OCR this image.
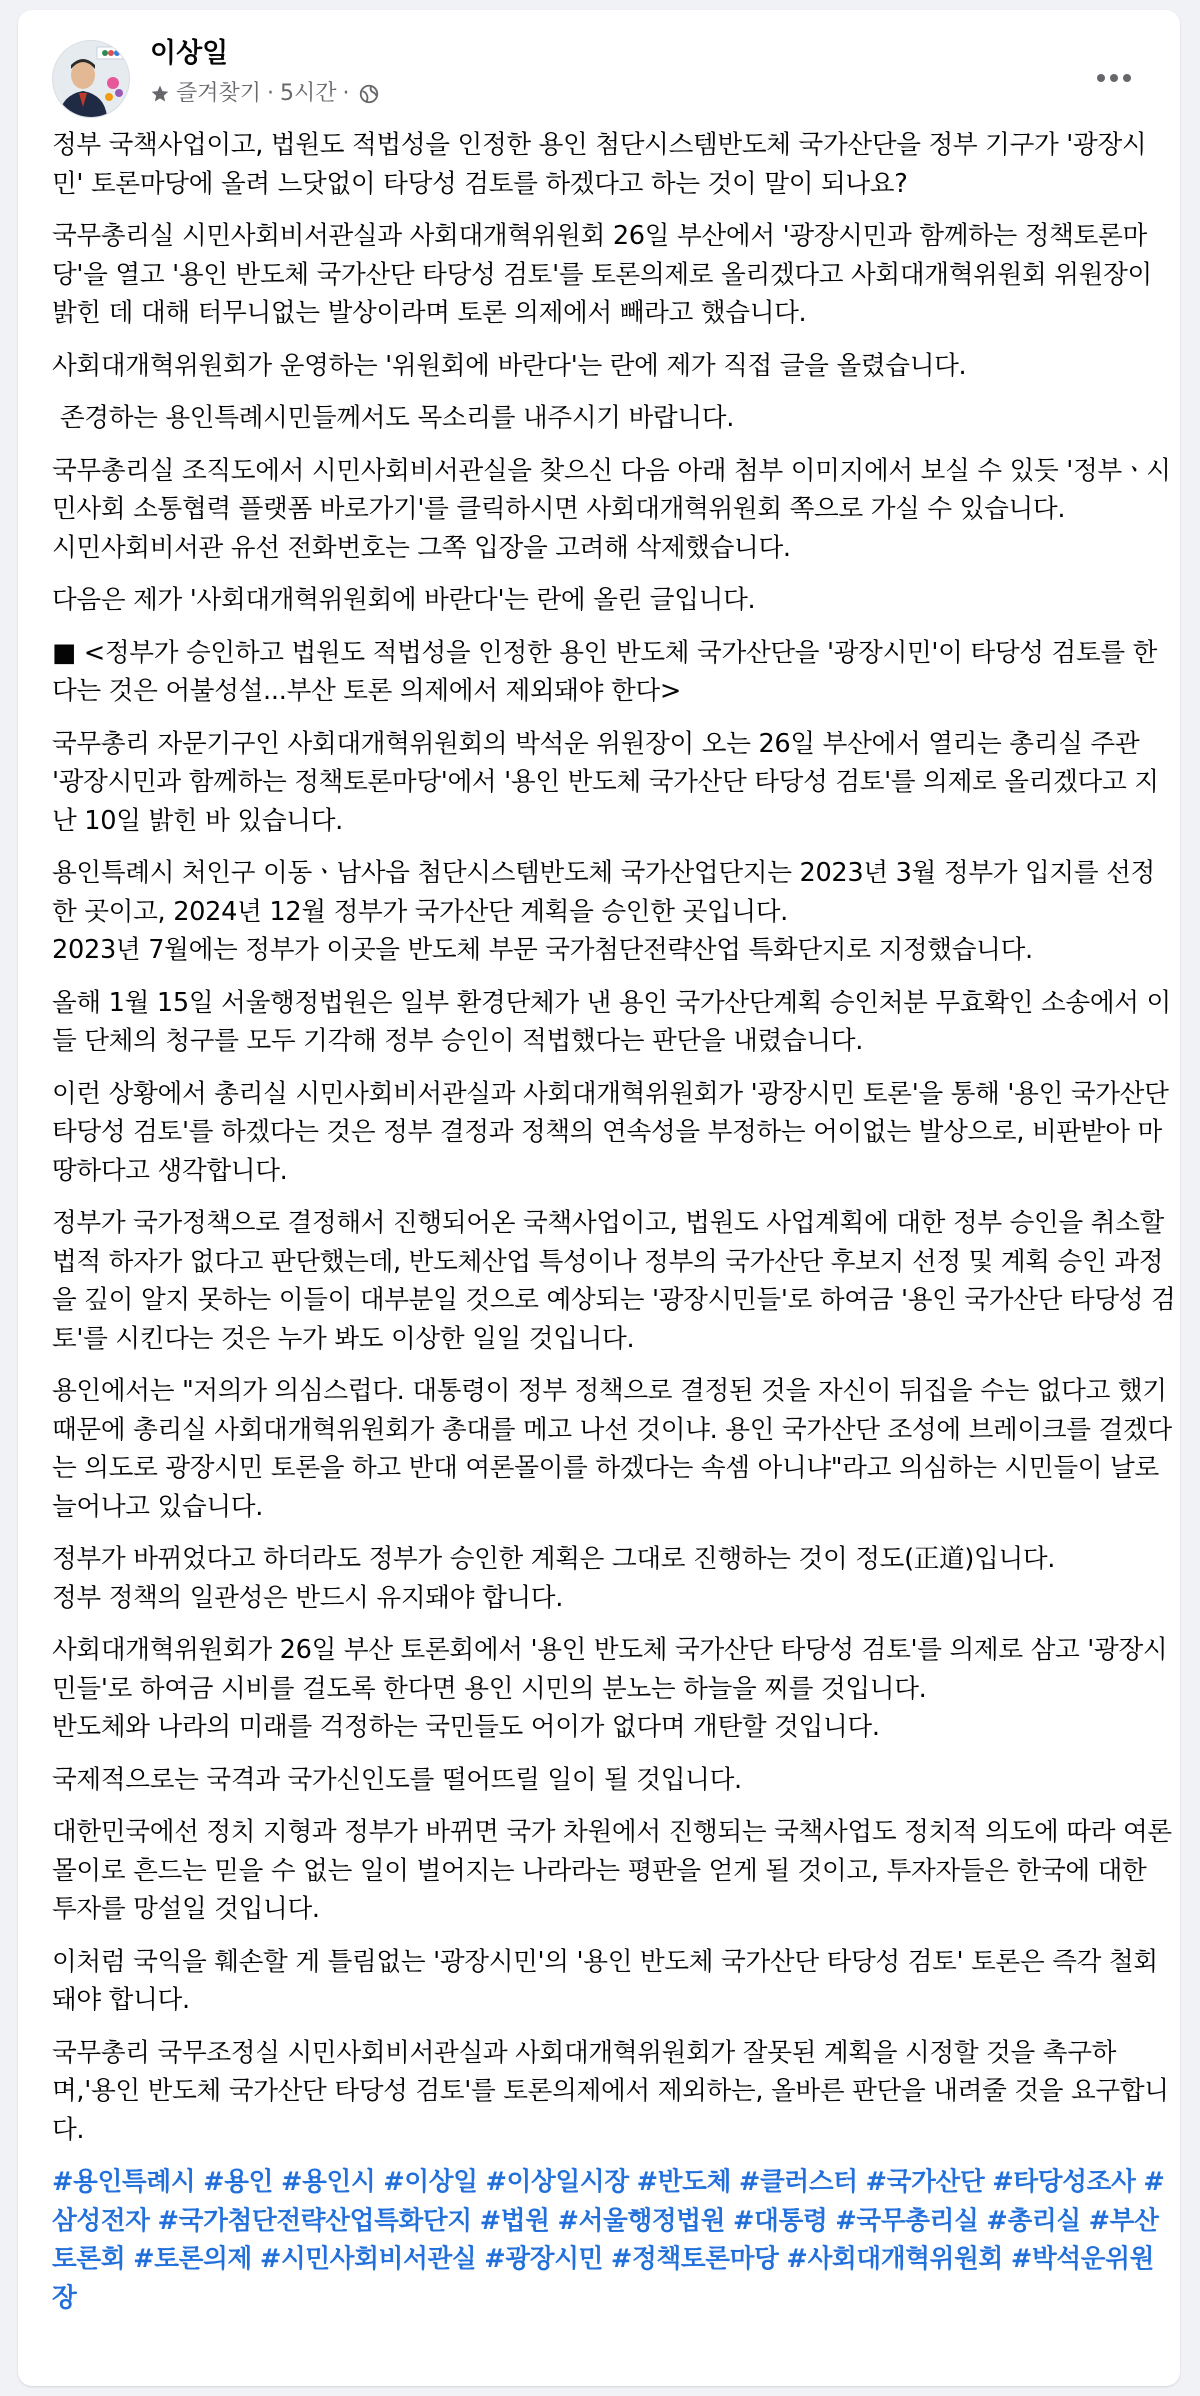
이상일
즐겨찾기 · 5시간 ·

정부 국책사업이고, 법원도 적법성을 인정한 용인 첨단시스템반도체 국가산단을 정부 기구가 '광장시민' 토론마당에 올려 느닷없이 타당성 검토를 하겠다고 하는 것이 말이 되나요?

국무총리실 시민사회비서관실과 사회대개혁위원회 26일 부산에서 '광장시민과 함께하는 정책토론마당'을 열고 '용인 반도체 국가산단 타당성 검토'를 토론의제로 올리겠다고 사회대개혁위원회 위원장이 밝힌 데 대해 터무니없는 발상이라며 토론 의제에서 빼라고 했습니다.

사회대개혁위원회가 운영하는 '위원회에 바란다'는 란에 제가 직접 글을 올렸습니다.

존경하는 용인특례시민들께서도 목소리를 내주시기 바랍니다.

국무총리실 조직도에서 시민사회비서관실을 찾으신 다음 아래 첨부 이미지에서 보실 수 있듯 '정부ㆍ시민사회 소통협력 플랫폼 바로가기'를 클릭하시면 사회대개혁위원회 쪽으로 가실 수 있습니다.
시민사회비서관 유선 전화번호는 그쪽 입장을 고려해 삭제했습니다.

다음은 제가 '사회대개혁위원회에 바란다'는 란에 올린 글입니다.

■ <정부가 승인하고 법원도 적법성을 인정한 용인 반도체 국가산단을 '광장시민'이 타당성 검토를 한다는 것은 어불성설...부산 토론 의제에서 제외돼야 한다>

국무총리 자문기구인 사회대개혁위원회의 박석운 위원장이 오는 26일 부산에서 열리는 총리실 주관 '광장시민과 함께하는 정책토론마당'에서 '용인 반도체 국가산단 타당성 검토'를 의제로 올리겠다고 지난 10일 밝힌 바 있습니다.

용인특례시 처인구 이동ㆍ남사읍 첨단시스템반도체 국가산업단지는 2023년 3월 정부가 입지를 선정한 곳이고, 2024년 12월 정부가 국가산단 계획을 승인한 곳입니다.
2023년 7월에는 정부가 이곳을 반도체 부문 국가첨단전략산업 특화단지로 지정했습니다.

올해 1월 15일 서울행정법원은 일부 환경단체가 낸 용인 국가산단계획 승인처분 무효확인 소송에서 이들 단체의 청구를 모두 기각해 정부 승인이 적법했다는 판단을 내렸습니다.

이런 상황에서 총리실 시민사회비서관실과 사회대개혁위원회가 '광장시민 토론'을 통해 '용인 국가산단 타당성 검토'를 하겠다는 것은 정부 결정과 정책의 연속성을 부정하는 어이없는 발상으로, 비판받아 마땅하다고 생각합니다.

정부가 국가정책으로 결정해서 진행되어온 국책사업이고, 법원도 사업계획에 대한 정부 승인을 취소할 법적 하자가 없다고 판단했는데, 반도체산업 특성이나 정부의 국가산단 후보지 선정 및 계획 승인 과정을 깊이 알지 못하는 이들이 대부분일 것으로 예상되는 '광장시민들'로 하여금 '용인 국가산단 타당성 검토'를 시킨다는 것은 누가 봐도 이상한 일일 것입니다.

용인에서는 "저의가 의심스럽다. 대통령이 정부 정책으로 결정된 것을 자신이 뒤집을 수는 없다고 했기 때문에 총리실 사회대개혁위원회가 총대를 메고 나선 것이냐. 용인 국가산단 조성에 브레이크를 걸겠다는 의도로 광장시민 토론을 하고 반대 여론몰이를 하겠다는 속셈 아니냐"라고 의심하는 시민들이 날로 늘어나고 있습니다.

정부가 바뀌었다고 하더라도 정부가 승인한 계획은 그대로 진행하는 것이 정도(正道)입니다.
정부 정책의 일관성은 반드시 유지돼야 합니다.

사회대개혁위원회가 26일 부산 토론회에서 '용인 반도체 국가산단 타당성 검토'를 의제로 삼고 '광장시민들'로 하여금 시비를 걸도록 한다면 용인 시민의 분노는 하늘을 찌를 것입니다.
반도체와 나라의 미래를 걱정하는 국민들도 어이가 없다며 개탄할 것입니다.

국제적으로는 국격과 국가신인도를 떨어뜨릴 일이 될 것입니다.

대한민국에선 정치 지형과 정부가 바뀌면 국가 차원에서 진행되는 국책사업도 정치적 의도에 따라 여론몰이로 흔드는 믿을 수 없는 일이 벌어지는 나라라는 평판을 얻게 될 것이고, 투자자들은 한국에 대한 투자를 망설일 것입니다.

이처럼 국익을 훼손할 게 틀림없는 '광장시민'의 '용인 반도체 국가산단 타당성 검토' 토론은 즉각 철회돼야 합니다.

국무총리 국무조정실 시민사회비서관실과 사회대개혁위원회가 잘못된 계획을 시정할 것을 촉구하며,'용인 반도체 국가산단 타당성 검토'를 토론의제에서 제외하는, 올바른 판단을 내려줄 것을 요구합니다.

#용인특례시 #용인 #용인시 #이상일 #이상일시장 #반도체 #클러스터 #국가산단 #타당성조사 #삼성전자 #국가첨단전략산업특화단지 #법원 #서울행정법원 #대통령 #국무총리실 #총리실 #부산토론회 #토론의제 #시민사회비서관실 #광장시민 #정책토론마당 #사회대개혁위원회 #박석운위원장
